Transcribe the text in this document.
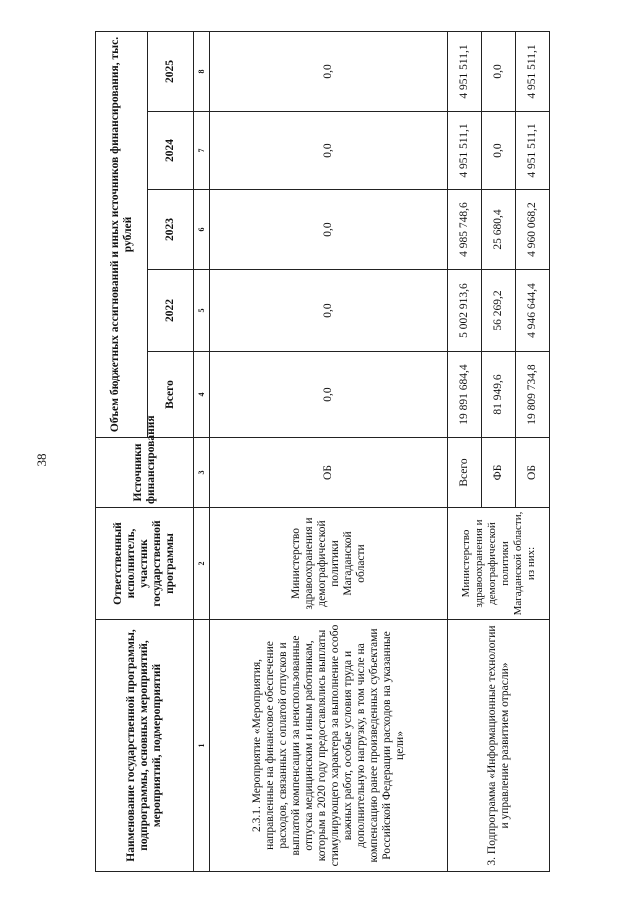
38
Наименование государственной программы, подпрограммы, основных мероприятий, мероприятий, подмероприятий	Ответственный исполнитель, участник государственной программы	Источники финансирования	Объем бюджетных ассигнований и иных источников финансирования, тыс. рублей				
			Всего	2022	2023	2024	2025
1	2	3	4	5	6	7	8
2.3.1. Мероприятие «Мероприятия, направленные на финансовое обеспечение расходов, связанных с оплатой отпусков и выплатой компенсации за неиспользованные отпуска медицинским и иным работникам, которым в 2020 году предоставлялись выплаты стимулирующего характера за выполнение особо важных работ, особые условия труда и дополнительную нагрузку, в том числе на компенсацию ранее произведенных субъектами Российской Федерации расходов на указанные цели»	Министерство здравоохранения и демографической политики Магаданской области	ОБ	0,0	0,0	0,0	0,0	0,0
3. Подпрограмма «Информационные технологии и управление развитием отрасли»	Министерство здравоохранения и демографической политики Магаданской области, из них:	Всего	19 891 684,4	5 002 913,6	4 985 748,6	4 951 511,1	4 951 511,1
		ФБ	81 949,6	56 269,2	25 680,4	0,0	0,0
		ОБ	19 809 734,8	4 946 644,4	4 960 068,2	4 951 511,1	4 951 511,1
